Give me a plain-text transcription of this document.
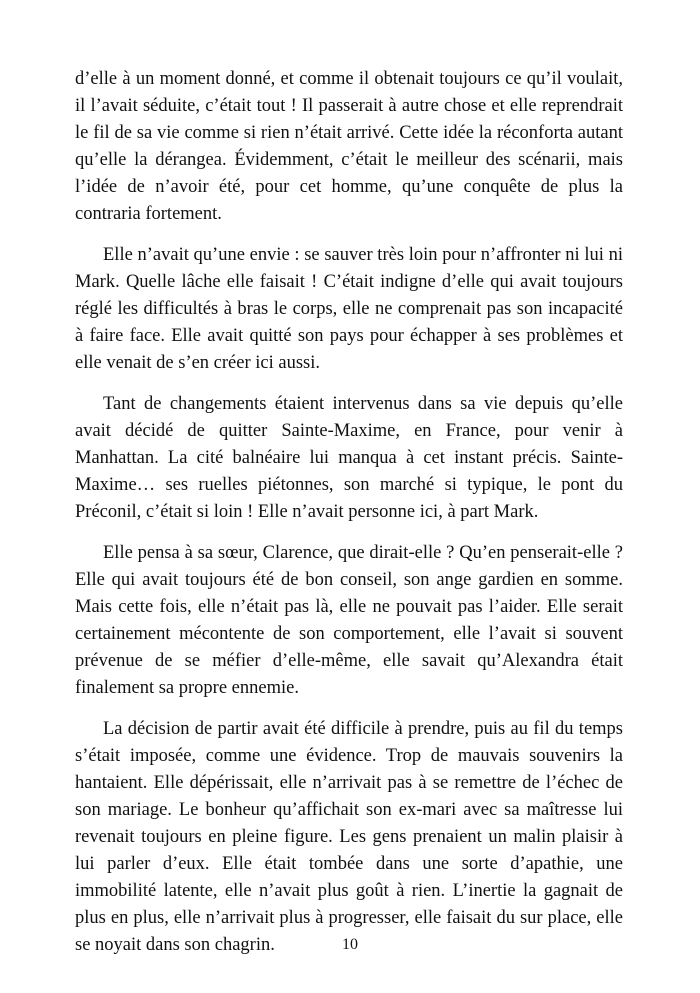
d’elle à un moment donné, et comme il obtenait toujours ce qu’il voulait, il l’avait séduite, c’était tout ! Il passerait à autre chose et elle reprendrait le fil de sa vie comme si rien n’était arrivé. Cette idée la réconforta autant qu’elle la dérangea. Évidemment, c’était le meilleur des scénarii, mais l’idée de n’avoir été, pour cet homme, qu’une conquête de plus la contraria fortement.

Elle n’avait qu’une envie : se sauver très loin pour n’affronter ni lui ni Mark. Quelle lâche elle faisait ! C’était indigne d’elle qui avait toujours réglé les difficultés à bras le corps, elle ne comprenait pas son incapacité à faire face. Elle avait quitté son pays pour échapper à ses problèmes et elle venait de s’en créer ici aussi.

Tant de changements étaient intervenus dans sa vie depuis qu’elle avait décidé de quitter Sainte-Maxime, en France, pour venir à Manhattan. La cité balnéaire lui manqua à cet instant précis. Sainte-Maxime… ses ruelles piétonnes, son marché si typique, le pont du Préconil, c’était si loin ! Elle n’avait personne ici, à part Mark.

Elle pensa à sa sœur, Clarence, que dirait-elle ? Qu’en penserait-elle ? Elle qui avait toujours été de bon conseil, son ange gardien en somme. Mais cette fois, elle n’était pas là, elle ne pouvait pas l’aider. Elle serait certainement mécontente de son comportement, elle l’avait si souvent prévenue de se méfier d’elle-même, elle savait qu’Alexandra était finalement sa propre ennemie.

La décision de partir avait été difficile à prendre, puis au fil du temps s’était imposée, comme une évidence. Trop de mauvais souvenirs la hantaient. Elle dépérissait, elle n’arrivait pas à se remettre de l’échec de son mariage. Le bonheur qu’affichait son ex-mari avec sa maîtresse lui revenait toujours en pleine figure. Les gens prenaient un malin plaisir à lui parler d’eux. Elle était tombée dans une sorte d’apathie, une immobilité latente, elle n’avait plus goût à rien. L’inertie la gagnait de plus en plus, elle n’arrivait plus à progresser, elle faisait du sur place, elle se noyait dans son chagrin.	10
